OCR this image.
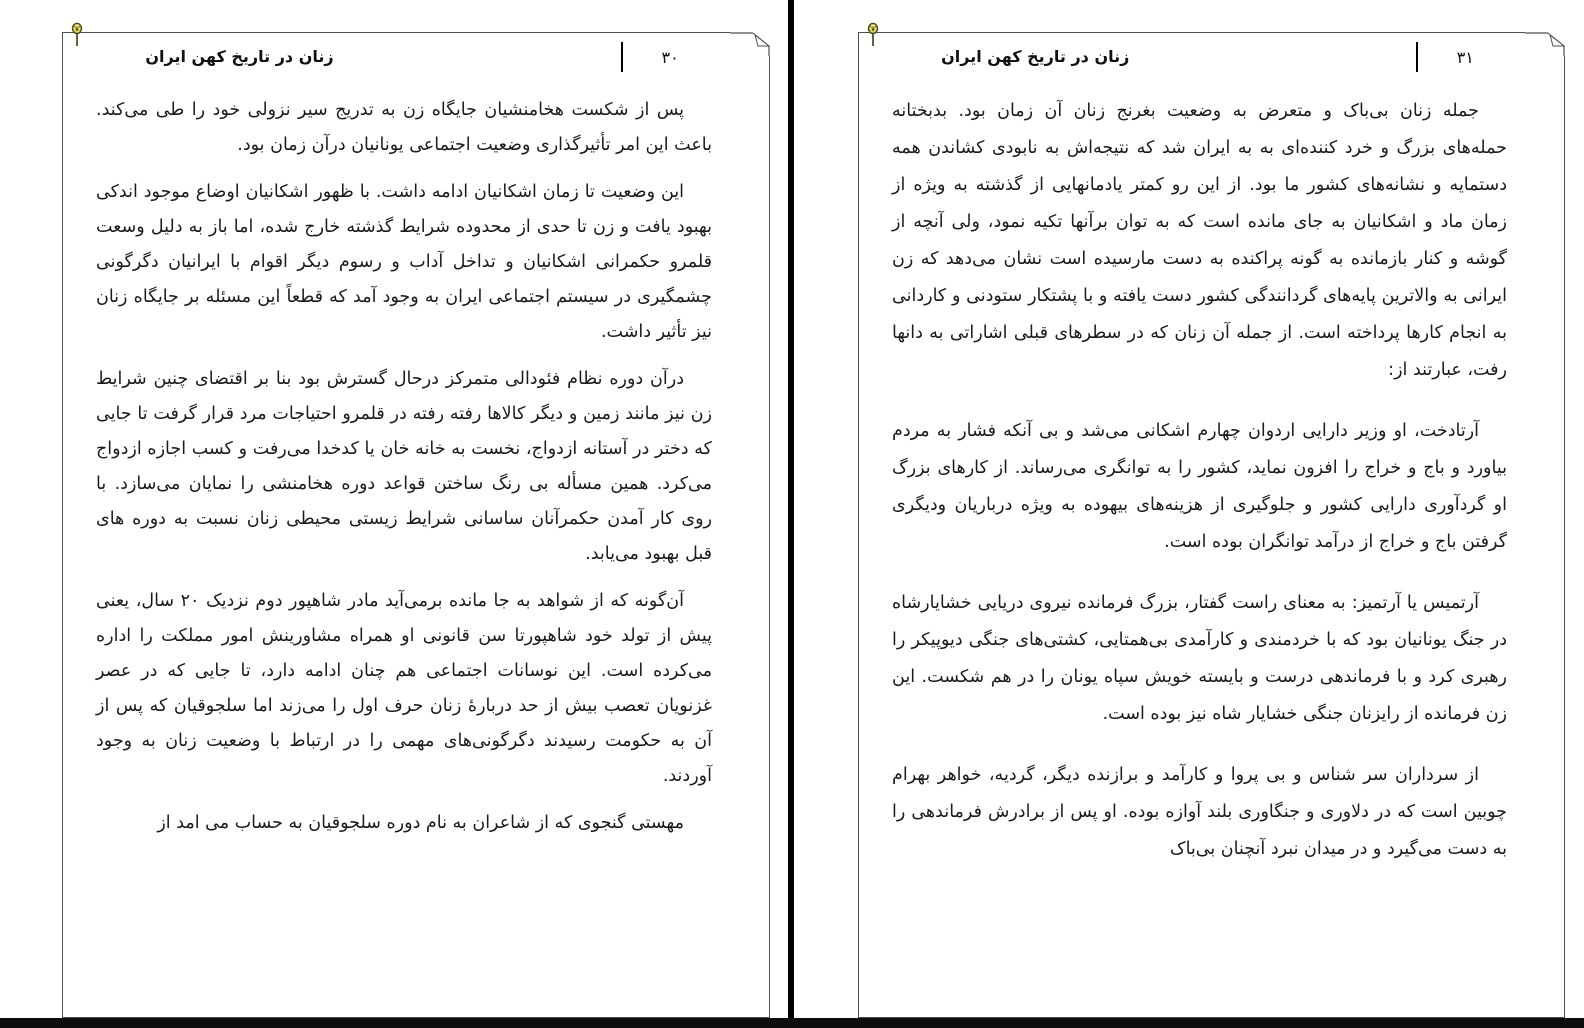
زنان در تاریخ کهن ایران	۳۰

پس از شکست هخامنشیان جایگاه زن به تدریج سیر نزولی خود را طی می‌کند. باعث این امر تأثیرگذاری وضعیت اجتماعی یونانیان درآن زمان بود.

این وضعیت تا زمان اشکانیان ادامه داشت. با ظهور اشکانیان اوضاع موجود اندکی بهبود یافت و زن تا حدی از محدوده شرایط گذشته خارج شده، اما باز به دلیل وسعت قلمرو حکمرانی اشکانیان و تداخل آداب و رسوم دیگر اقوام با ایرانیان دگرگونی چشمگیری در سیستم اجتماعی ایران به وجود آمد که قطعاً این مسئله بر جایگاه زنان نیز تأثیر داشت.

درآن دوره نظام فئودالی متمرکز درحال گسترش بود بنا بر اقتضای چنین شرایط زن نیز مانند زمین و دیگر کالاها رفته رفته در قلمرو احتیاجات مرد قرار گرفت تا جایی که دختر در آستانه ازدواج، نخست به خانه خان یا کدخدا می‌رفت و کسب اجازه ازدواج می‌کرد. همین مسأله بی رنگ ساختن قواعد دوره هخامنشی را نمایان می‌سازد. با روی کار آمدن حکمرآنان ساسانی شرایط زیستی محیطی زنان نسبت به دوره های قبل بهبود می‌یابد.

آن‌گونه که از شواهد به جا مانده برمی‌آید مادر شاهپور دوم نزدیک ۲۰ سال، یعنی پیش از تولد خود شاهپورتا سن قانونی او همراه مشاورینش امور مملکت را اداره می‌کرده است. این نوسانات اجتماعی هم چنان ادامه دارد، تا جایی که در عصر غزنویان تعصب بیش از حد دربارۀ زنان حرف اول را می‌زند اما سلجوقیان که پس از آن به حکومت رسیدند دگرگونی‌های مهمی را در ارتباط با وضعیت زنان به وجود آوردند.

مهستی گنجوی که از شاعران به نام دوره سلجوقیان به حساب می امد از

زنان در تاریخ کهن ایران	۳۱

جمله زنان بی‌باک و متعرض به وضعیت بغرنج زنان آن زمان بود. بدبختانه حمله‌های بزرگ و خرد کننده‌ای به به ایران شد که نتیجه‌اش به نابودی کشاندن همه دستمایه و نشانه‌های کشور ما بود. از این رو کمتر یادمانهایی از گذشته به ویژه از زمان ماد و اشکانیان به جای مانده است که به توان برآنها تکیه نمود، ولی آنچه از گوشه و کنار بازمانده به گونه پراکنده به دست مارسیده است نشان می‌دهد که زن ایرانی به والاترین پایه‌های گردانندگی کشور دست یافته و با پشتکار ستودنی و کاردانی به انجام کارها پرداخته است. از جمله آن زنان که در سطرهای قبلی اشاراتی به دانها رفت، عبارتند از:

آرتادخت، او وزیر دارایی اردوان چهارم اشکانی می‌شد و بی آنکه فشار به مردم بیاورد و باج و خراج را افزون نماید، کشور را به توانگری می‌رساند. از کارهای بزرگ او گردآوری دارایی کشور و جلوگیری از هزینه‌های بیهوده به ویژه درباریان ودیگری گرفتن باج و خراج از درآمد توانگران بوده است.

آرتمیس یا آرتمیز: به معنای راست گفتار، بزرگ فرمانده نیروی دریایی خشایارشاه در جنگ یونانیان بود که با خردمندی و کارآمدی بی‌همتایی، کشتی‌های جنگی دیوپیکر را رهبری کرد و با فرماندهی درست و بایسته خویش سپاه یونان را در هم شکست. این زن فرمانده از رایزنان جنگی خشایار شاه نیز بوده است.

از سرداران سر شناس و بی پروا و کارآمد و برازنده دیگر، گردیه، خواهر بهرام چوبین است که در دلاوری و جنگاوری بلند آوازه بوده. او پس از برادرش فرماندهی را به دست می‌گیرد و در میدان نبرد آنچنان بی‌باک
